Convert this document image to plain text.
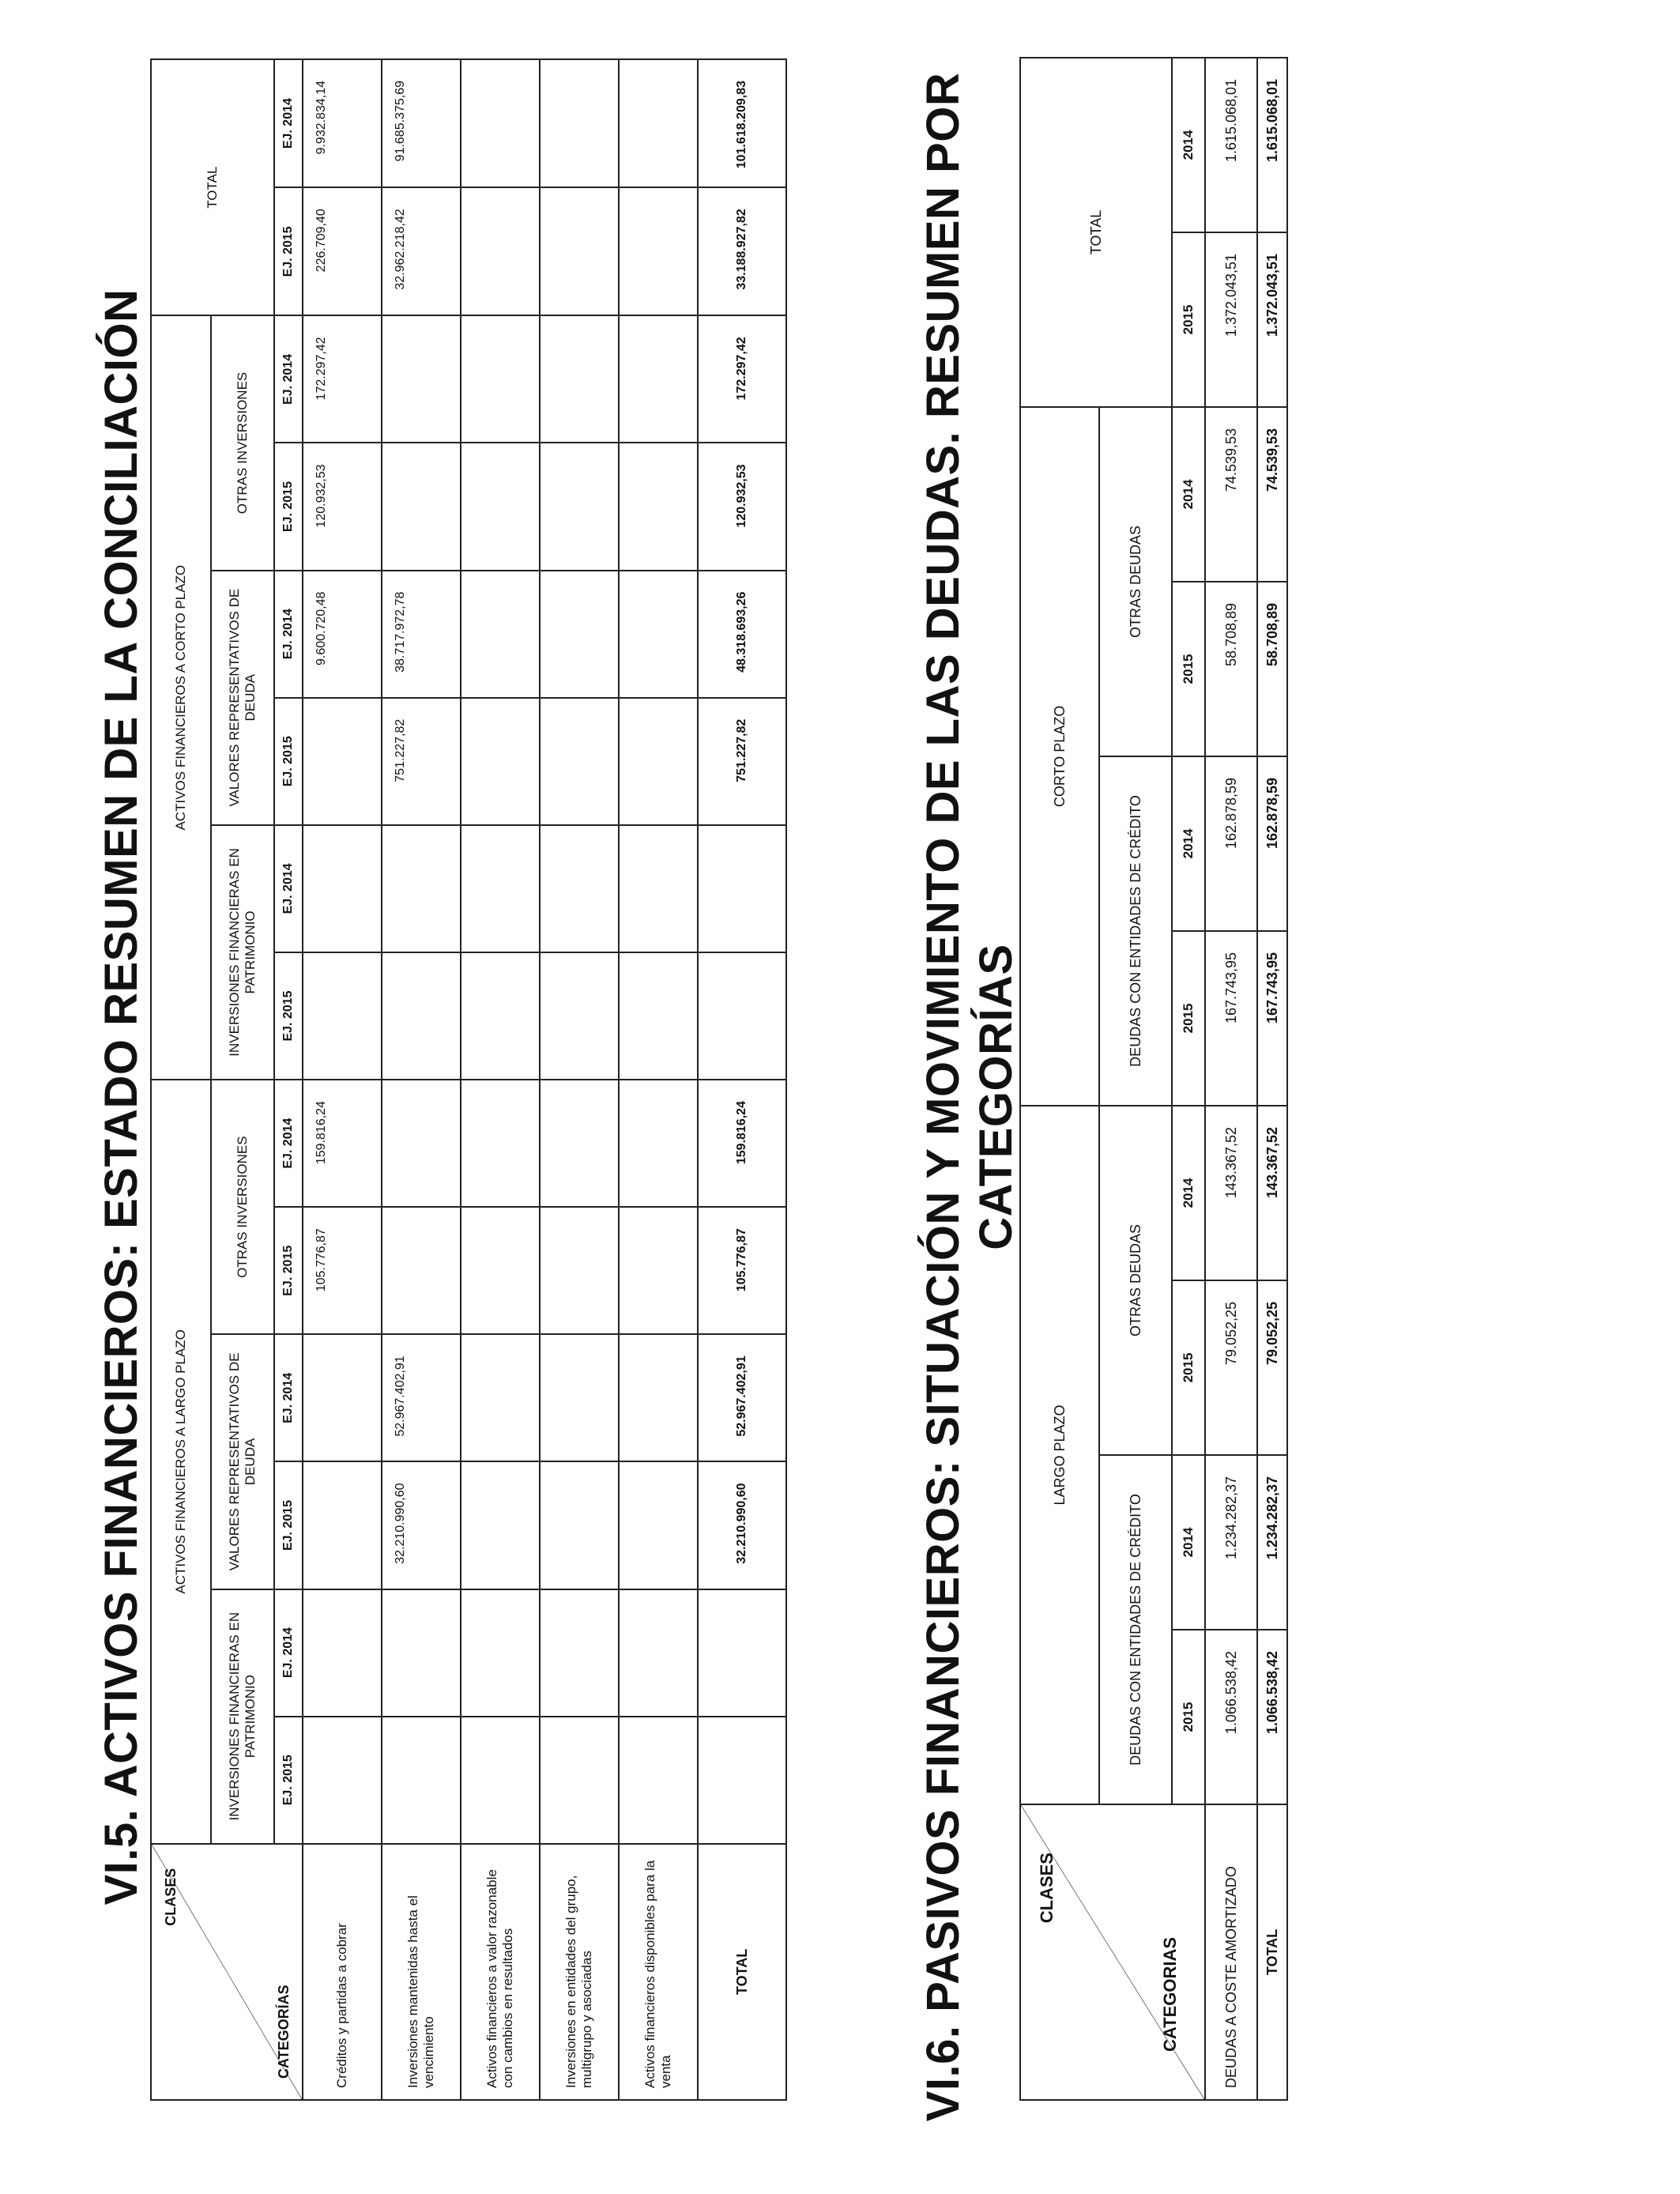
VI.5. ACTIVOS FINANCIEROS: ESTADO RESUMEN DE LA CONCILIACIÓN CLASES
CATEGORÍAS	ACTIVOS FINANCIEROS A LARGO PLAZO						ACTIVOS FINANCIEROS A CORTO PLAZO						TOTAL	
	INVERSIONES FINANCIERAS EN PATRIMONIO		VALORES REPRESENTATIVOS DE DEUDA		OTRAS INVERSIONES		INVERSIONES FINANCIERAS EN PATRIMONIO		VALORES REPRESENTATIVOS DE DEUDA		OTRAS INVERSIONES			
	EJ. 2015	EJ. 2014	EJ. 2015	EJ. 2014	EJ. 2015	EJ. 2014	EJ. 2015	EJ. 2014	EJ. 2015	EJ. 2014	EJ. 2015	EJ. 2014	EJ. 2015	EJ. 2014
Créditos y partidas a cobrar					105.776,87	159.816,24				9.600.720,48	120.932,53	172.297,42	226.709,40	9.932.834,14
Inversiones mantenidas hasta el vencimiento			32.210.990,60	52.967.402,91					751.227,82	38.717.972,78			32.962.218,42	91.685.375,69
Activos financieros a valor razonable con cambios en resultados														
Inversiones en entidades del grupo, multigrupo y asociadas														
Activos financieros disponibles para la venta														
TOTAL			32.210.990,60	52.967.402,91	105.776,87	159.816,24			751.227,82	48.318.693,26	120.932,53	172.297,42	33.188.927,82	101.618.209,83	VI.6. PASIVOS FINANCIEROS: SITUACIÓN Y MOVIMIENTO DE LAS DEUDAS. RESUMEN POR CATEGORÍAS
CLASES
CATEGORIAS	LARGO PLAZO				CORTO PLAZO				TOTAL	
	DEUDAS CON ENTIDADES DE CRÉDITO		OTRAS DEUDAS		DEUDAS CON ENTIDADES DE CRÉDITO		OTRAS DEUDAS			
	2015	2014	2015	2014	2015	2014	2015	2014	2015	2014
DEUDAS A COSTE AMORTIZADO	1.066.538,42	1.234.282,37	79.052,25	143.367,52	167.743,95	162.878,59	58.708,89	74.539,53	1.372.043,51	1.615.068,01
TOTAL	1.066.538,42	1.234.282,37	79.052,25	143.367,52	167.743,95	162.878,59	58.708,89	74.539,53	1.372.043,51	1.615.068,01
